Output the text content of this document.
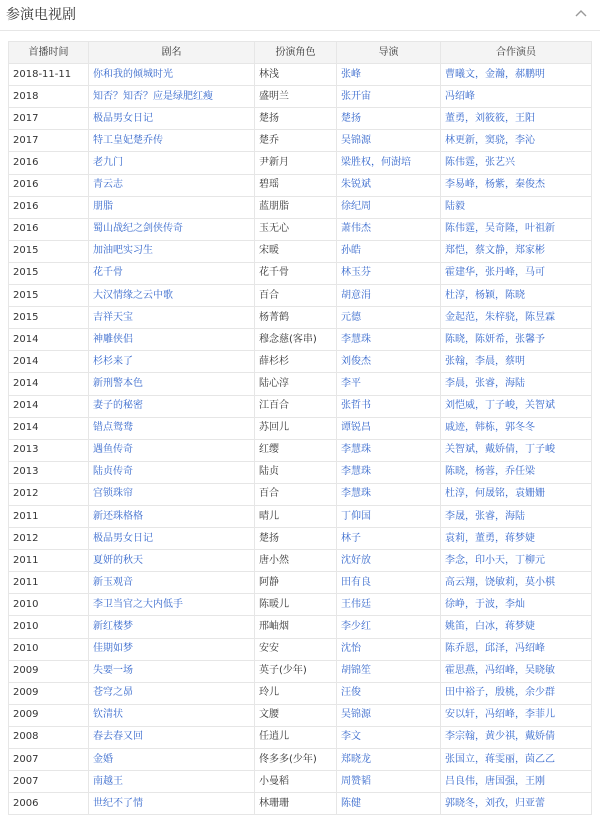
参演电视剧
首播时间	剧名	扮演角色	导演	合作演员
2018-11-11	你和我的倾城时光	林浅	张峰	曹曦文，金瀚，郝鹏明
2018	知否？知否？应是绿肥红瘦	盛明兰	张开宙	冯绍峰
2017	极品男女日记	楚扬	楚扬	董勇，刘筱筱，王阳
2017	特工皇妃楚乔传	楚乔	吴锦源	林更新，窦骁，李沁
2016	老九门	尹新月	梁胜权，何澍培	陈伟霆，张艺兴
2016	青云志	碧瑶	朱锐斌	李易峰，杨紫，秦俊杰
2016	朋脂	蓝朋脂	徐纪周	陆毅
2016	蜀山战纪之剑侠传奇	玉无心	萧伟杰	陈伟霆，吴奇隆，叶祖新
2015	加油吧实习生	宋暖	孙皓	郑恺，蔡文静，郑家彬
2015	花千骨	花千骨	林玉芬	霍建华，张丹峰，马可
2015	大汉情缘之云中歌	百合	胡意涓	杜淳，杨颖，陈晓
2015	吉祥天宝	杨菁鹤	元德	金起范，朱梓骁，陈昱霖
2014	神雕侠侣	穆念慈(客串)	李慧珠	陈晓，陈妍希，张馨予
2014	杉杉来了	薛杉杉	刘俊杰	张翰，李晨，蔡明
2014	新刑警本色	陆心淳	李平	李晨，张睿，海陆
2014	妻子的秘密	江百合	张哲书	刘恺威，丁子峻，关智斌
2014	错点鸳鸯	苏回儿	谭锐昌	戚迹，韩栋，郭冬冬
2013	遇鱼传奇	红缨	李慧珠	关智斌，戴娇倩，丁子峻
2013	陆贞传奇	陆贞	李慧珠	陈晓，杨蓉，乔任梁
2012	宫锁珠帘	百合	李慧珠	杜淳，何晟铭，袁姗姗
2011	新还珠格格	晴儿	丁仰国	李晟，张睿，海陆
2012	极品男女日记	楚扬	林子	袁莉，董勇，蒋梦婕
2011	夏妍的秋天	唐小然	沈好放	李念，印小天，丁柳元
2011	新玉观音	阿静	田有良	高云翔，饶敏莉，莫小棋
2010	李卫当官之大内低手	陈暖儿	王伟廷	徐峥，于波，李灿
2010	新红楼梦	邢岫烟	李少红	姚笛，白冰，蒋梦婕
2010	佳期如梦	安安	沈怡	陈乔恩，邱泽，冯绍峰
2009	失要一场	英子(少年)	胡锦笙	霍思燕，冯绍峰，吴晓敏
2009	苍穹之昴	玲儿	汪俊	田中裕子，殷桃，余少群
2009	钦清状	文腰	吴锦源	安以轩，冯绍峰，李菲儿
2008	春去春又回	任逍儿	李文	李宗翰，黄少祺，戴娇倩
2007	金婚	佟多多(少年)	郑晓龙	张国立，蒋雯丽，茵乙乙
2007	南越王	小曼稻	周赞韬	吕良伟，唐国强，王刚
2006	世纪不了情	林珊珊	陈健	郭晓冬，刘孜，归亚蕾
